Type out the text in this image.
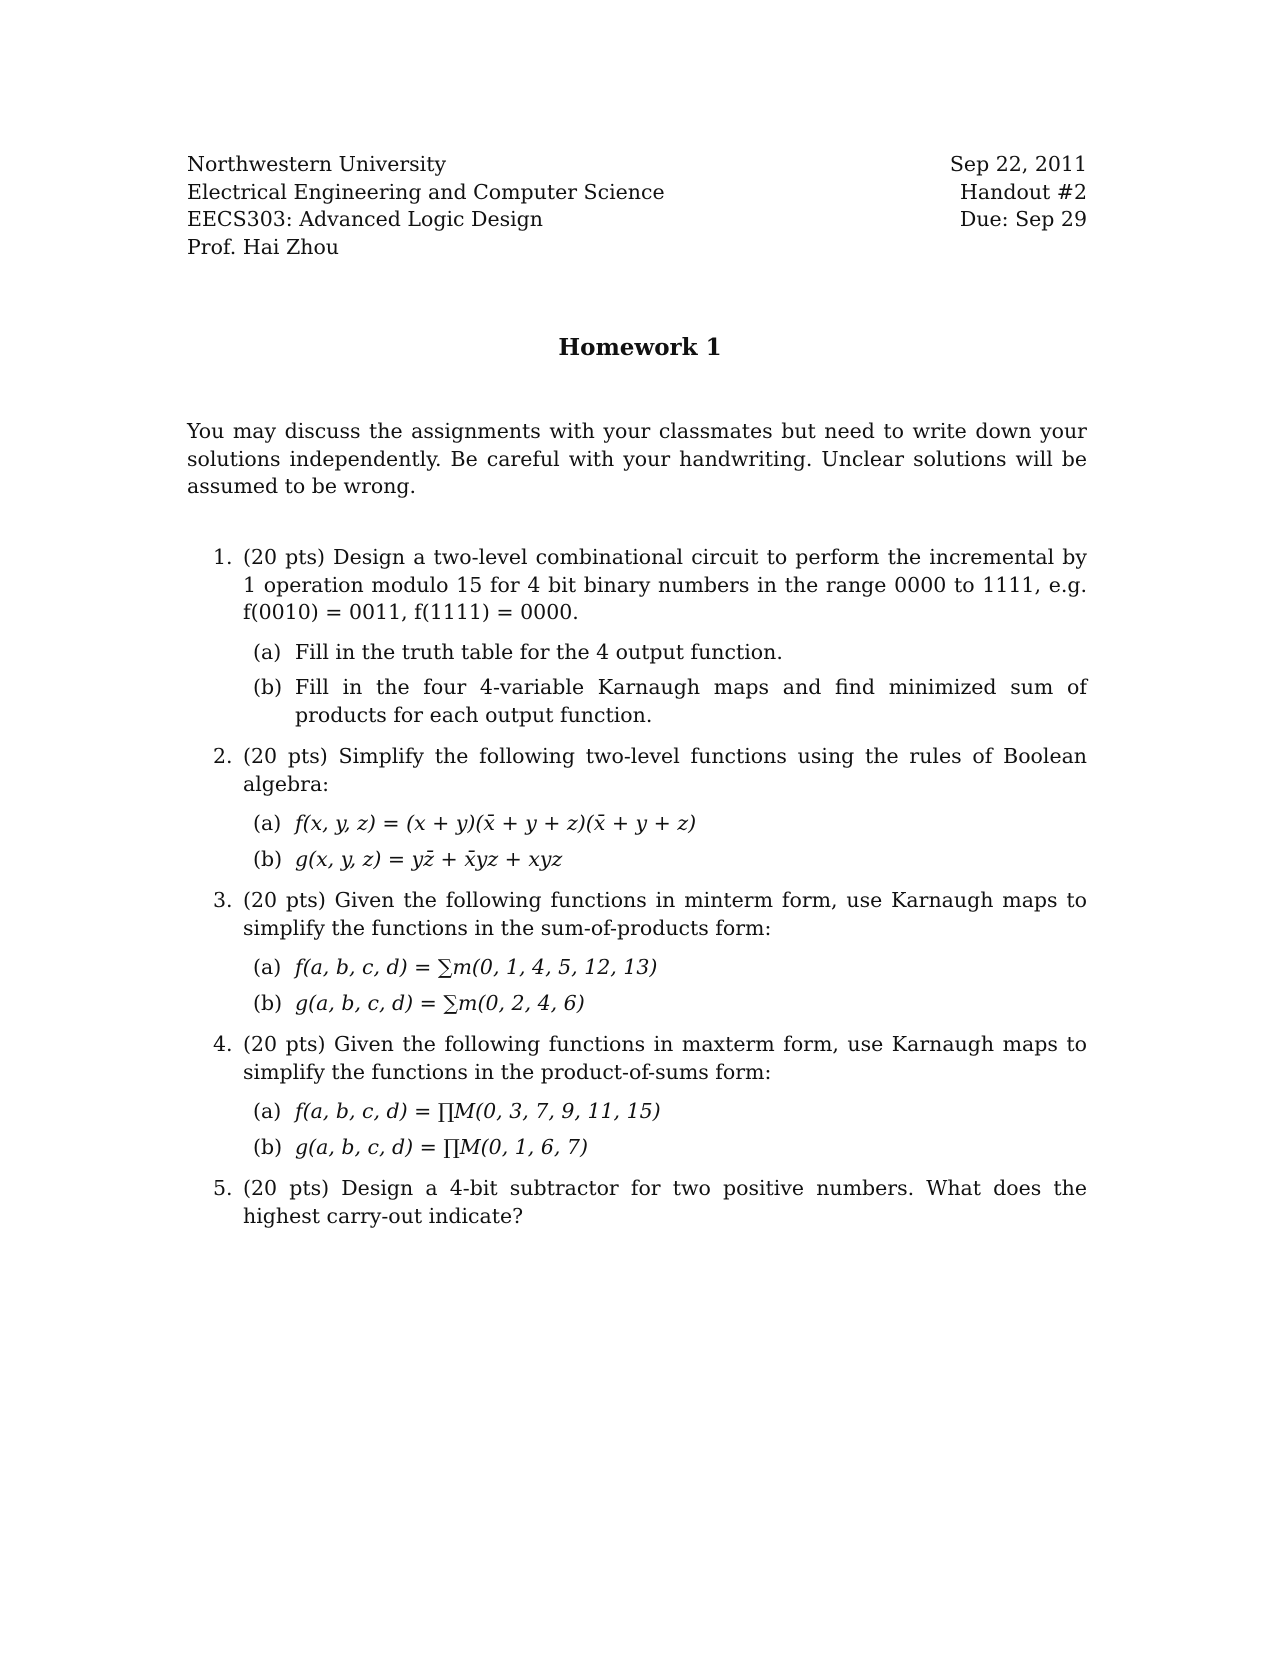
Northwestern University
Electrical Engineering and Computer Science
EECS303: Advanced Logic Design
Prof. Hai Zhou
Sep 22, 2011
Handout #2
Due: Sep 29
Homework 1
You may discuss the assignments with your classmates but need to write down your solutions independently. Be careful with your handwriting. Unclear solutions will be assumed to be wrong.
1. (20 pts) Design a two-level combinational circuit to perform the incremental by 1 operation modulo 15 for 4 bit binary numbers in the range 0000 to 1111, e.g. f(0010) = 0011, f(1111) = 0000.
(a) Fill in the truth table for the 4 output function.
(b) Fill in the four 4-variable Karnaugh maps and find minimized sum of products for each output function.
2. (20 pts) Simplify the following two-level functions using the rules of Boolean algebra:
(a) f(x, y, z) = (x + y)(x̄ + y + z)(x̄ + y + z)
(b) g(x, y, z) = yz̄ + x̄yz + xyz
3. (20 pts) Given the following functions in minterm form, use Karnaugh maps to simplify the functions in the sum-of-products form:
(a) f(a, b, c, d) = ∑m(0, 1, 4, 5, 12, 13)
(b) g(a, b, c, d) = ∑m(0, 2, 4, 6)
4. (20 pts) Given the following functions in maxterm form, use Karnaugh maps to simplify the functions in the product-of-sums form:
(a) f(a, b, c, d) = ∏M(0, 3, 7, 9, 11, 15)
(b) g(a, b, c, d) = ∏M(0, 1, 6, 7)
5. (20 pts) Design a 4-bit subtractor for two positive numbers. What does the highest carry-out indicate?
